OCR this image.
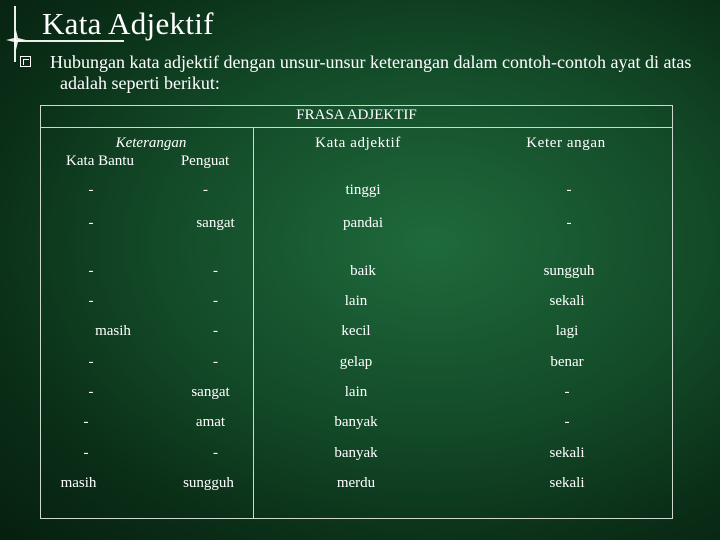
Kata Adjektif
Hubungan kata adjektif dengan unsur-unsur keterangan dalam contoh-contoh ayat di atas adalah seperti berikut:
FRASA ADJEKTIF
Keterangan
Kata Bantu	Penguat
Kata adjektif	Keter angan
-	-	tinggi	-
-	sangat	pandai	-
-	-	baik	sungguh
-	-	lain	sekali
masih	-	kecil	lagi
-	-	gelap	benar
-	sangat	lain	-
-	amat	banyak	-
-	-	banyak	sekali
masih	sungguh	merdu	sekali
